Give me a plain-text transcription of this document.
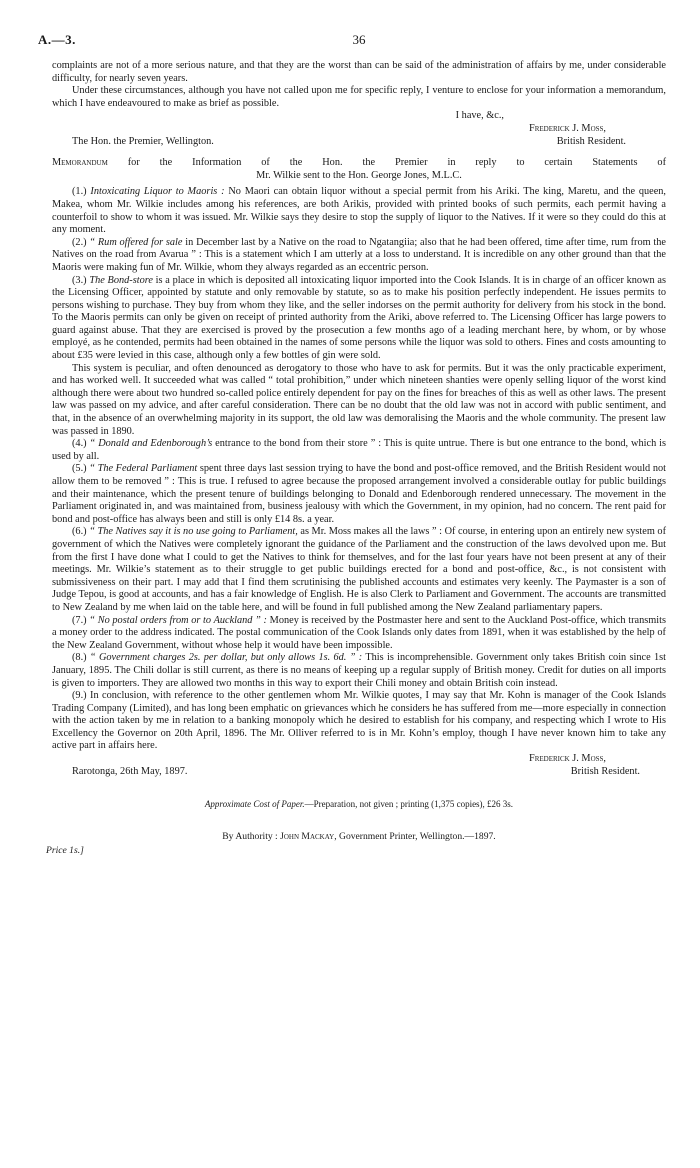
A.—3.	36

complaints are not of a more serious nature, and that they are the worst than can be said of the administration of affairs by me, under considerable difficulty, for nearly seven years.

Under these circumstances, although you have not called upon me for specific reply, I venture to enclose for your information a memorandum, which I have endeavoured to make as brief as possible.

I have, &c.,
Frederick J. Moss,
The Hon. the Premier, Wellington.	British Resident.
Memorandum for the Information of the Hon. the Premier in reply to certain Statements of
Mr. Wilkie sent to the Hon. George Jones, M.L.C.

(1.) Intoxicating Liquor to Maoris : No Maori can obtain liquor without a special permit from his Ariki. The king, Maretu, and the queen, Makea, whom Mr. Wilkie includes among his references, are both Arikis, provided with printed books of such permits, each permit having a counterfoil to show to whom it was issued. Mr. Wilkie says they desire to stop the supply of liquor to the Natives. If it were so they could do this at any moment.

(2.) “ Rum offered for sale in December last by a Native on the road to Ngatangiia; also that he had been offered, time after time, rum from the Natives on the road from Avarua ” : This is a statement which I am utterly at a loss to understand. It is incredible on any other ground than that the Maoris were making fun of Mr. Wilkie, whom they always regarded as an eccentric person.

(3.) The Bond-store is a place in which is deposited all intoxicating liquor imported into the Cook Islands. It is in charge of an officer known as the Licensing Officer, appointed by statute and only removable by statute, so as to make his position perfectly independent. He issues permits to persons wishing to purchase. They buy from whom they like, and the seller indorses on the permit authority for delivery from his stock in the bond. To the Maoris permits can only be given on receipt of printed authority from the Ariki, above referred to. The Licensing Officer has large powers to guard against abuse. That they are exercised is proved by the prosecution a few months ago of a leading merchant here, by whom, or by whose employé, as he contended, permits had been obtained in the names of some persons while the liquor was sold to others. Fines and costs amounting to about £35 were levied in this case, although only a few bottles of gin were sold.

This system is peculiar, and often denounced as derogatory to those who have to ask for permits. But it was the only practicable experiment, and has worked well. It succeeded what was called “ total prohibition,” under which nineteen shanties were openly selling liquor of the worst kind although there were about two hundred so-called police entirely dependent for pay on the fines for breaches of this as well as other laws. The present law was passed on my advice, and after careful consideration. There can be no doubt that the old law was not in accord with public sentiment, and that, in the absence of an overwhelming majority in its support, the old law was demoralising the Maoris and the whole community. The present law was passed in 1890.

(4.) “ Donald and Edenborough’s entrance to the bond from their store ” : This is quite untrue. There is but one entrance to the bond, which is used by all.

(5.) “ The Federal Parliament spent three days last session trying to have the bond and post-office removed, and the British Resident would not allow them to be removed ” : This is true. I refused to agree because the proposed arrangement involved a considerable outlay for public buildings and their maintenance, which the present tenure of buildings belonging to Donald and Edenborough rendered unnecessary. The movement in the Parliament originated in, and was maintained from, business jealousy with which the Government, in my opinion, had no concern. The rent paid for bond and post-office has always been and still is only £14 8s. a year.

(6.) “ The Natives say it is no use going to Parliament, as Mr. Moss makes all the laws ” : Of course, in entering upon an entirely new system of government of which the Natives were completely ignorant the guidance of the Parliament and the construction of the laws devolved upon me. But from the first I have done what I could to get the Natives to think for themselves, and for the last four years have not been present at any of their meetings. Mr. Wilkie’s statement as to their struggle to get public buildings erected for a bond and post-office, &c., is not consistent with submissiveness on their part. I may add that I find them scrutinising the published accounts and estimates very keenly. The Paymaster is a son of Judge Tepou, is good at accounts, and has a fair knowledge of English. He is also Clerk to Parliament and Government. The accounts are transmitted to New Zealand by me when laid on the table here, and will be found in full published among the New Zealand parliamentary papers.

(7.) “ No postal orders from or to Auckland ” : Money is received by the Postmaster here and sent to the Auckland Post-office, which transmits a money order to the address indicated. The postal communication of the Cook Islands only dates from 1891, when it was established by the help of the New Zealand Government, without whose help it would have been impossible.

(8.) “ Government charges 2s. per dollar, but only allows 1s. 6d. ” : This is incomprehensible. Government only takes British coin since 1st January, 1895. The Chili dollar is still current, as there is no means of keeping up a regular supply of British money. Credit for duties on all imports is given to importers. They are allowed two months in this way to export their Chili money and obtain British coin instead.

(9.) In conclusion, with reference to the other gentlemen whom Mr. Wilkie quotes, I may say that Mr. Kohn is manager of the Cook Islands Trading Company (Limited), and has long been emphatic on grievances which he considers he has suffered from me—more especially in connection with the action taken by me in relation to a banking monopoly which he desired to establish for his company, and respecting which I wrote to His Excellency the Governor on 20th April, 1896. The Mr. Olliver referred to is in Mr. Kohn’s employ, though I have never known him to take any active part in affairs here.

Frederick J. Moss,
Rarotonga, 26th May, 1897.	British Resident.
Approximate Cost of Paper.—Preparation, not given ; printing (1,375 copies), £26 3s.
By Authority : John Mackay, Government Printer, Wellington.—1897.
Price 1s.]
